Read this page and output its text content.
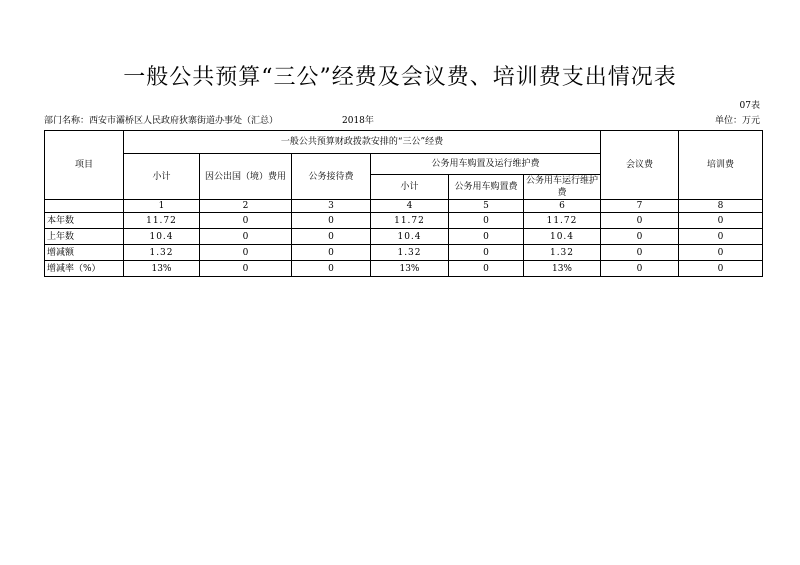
一般公共预算“三公”经费及会议费、培训费支出情况表
07表
部门名称：西安市灞桥区人民政府狄寨街道办事处（汇总）	2018年	单位：万元
项目	一般公共预算财政拨款安排的“三公”经费						会议费	培训费
	小计	因公出国（境）费用	公务接待费	公务用车购置及运行维护费				
				小计	公务用车购置费	公务用车运行维护费		
	1	2	3	4	5	6	7	8
本年数	11.72	0	0	11.72	0	11.72	0	0
上年数	10.4	0	0	10.4	0	10.4	0	0
增减额	1.32	0	0	1.32	0	1.32	0	0
增减率（%）	13%	0	0	13%	0	13%	0	0
